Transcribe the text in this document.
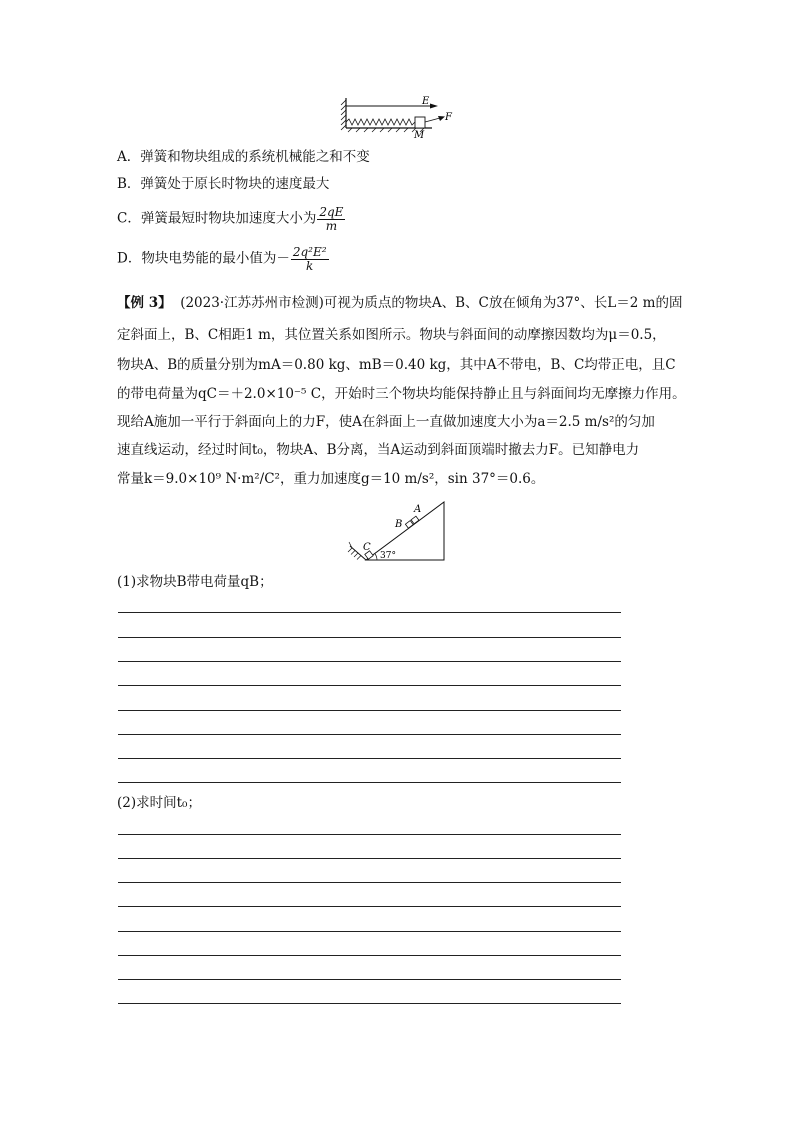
E
F
M
A．弹簧和物块组成的系统机械能之和不变
B．弹簧处于原长时物块的速度最大
C．弹簧最短时物块加速度大小为 $\frac{2qE}{m}$
D．物块电势能的最小值为－ $\frac{\text{2q²E²}}{k}$
【例 3】 (2023·江苏苏州市检测)可视为质点的物块A、B、C放在倾角为37°、长L＝2 m的固
定斜面上，B、C相距1 m，其位置关系如图所示。物块与斜面间的动摩擦因数均为μ＝0.5，
物块A、B的质量分别为mA＝0.80 kg、mB＝0.40 kg，其中A不带电，B、C均带正电，且C
的带电荷量为qC＝＋2.0×10⁻⁵ C，开始时三个物块均能保持静止且与斜面间均无摩擦力作用。
现给A施加一平行于斜面向上的力F，使A在斜面上一直做加速度大小为a＝2.5 m/s²的匀加
速直线运动，经过时间t₀，物块A、B分离，当A运动到斜面顶端时撤去力F。已知静电力
常量k＝9.0×10⁹ N·m²/C²，重力加速度g＝10 m/s²，sin 37°＝0.6。
A
B
C
37°
(1)求物块B带电荷量qB；
(2)求时间t₀；
